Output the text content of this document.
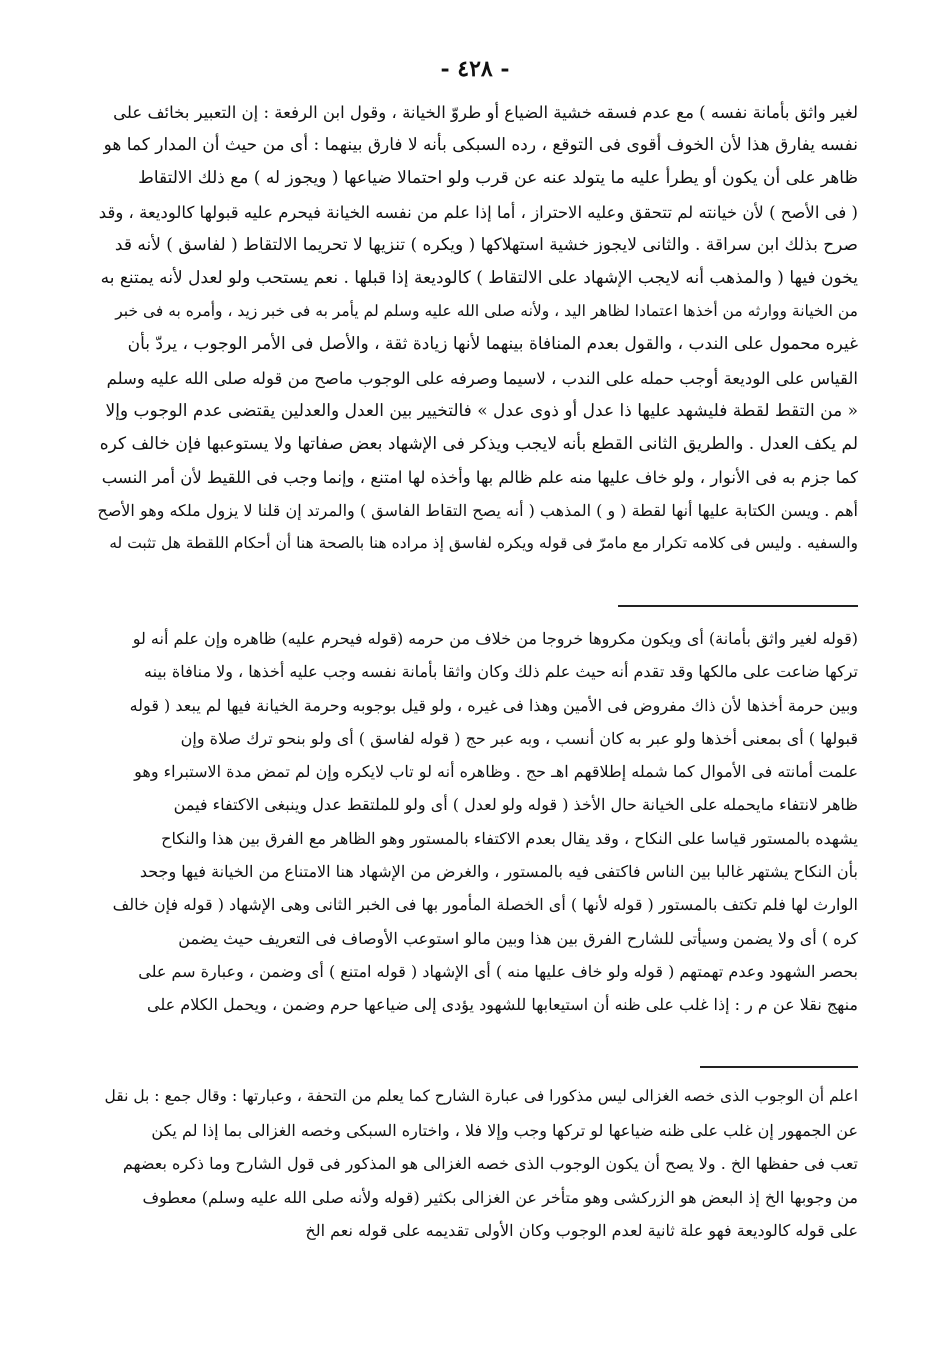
- ٤٢٨ -

لغير واثق بأمانة نفسه ) مع عدم فسقه خشية الضياع أو طروّ الخيانة ، وقول ابن الرفعة : إن التعبير بخائف على

نفسه يفارق هذا لأن الخوف أقوى فى التوقع ، رده السبكى بأنه لا فارق بينهما : أى من حيث أن المدار كما هو

ظاهر على أن يكون أو يطرأ عليه ما يتولد عنه عن قرب ولو احتمالا ضياعها ( ويجوز له ) مع ذلك الالتقاط

( فى الأصح ) لأن خيانته لم تتحقق وعليه الاحتراز ، أما إذا علم من نفسه الخيانة فيحرم عليه قبولها كالوديعة ، وقد

صرح بذلك ابن سراقة . والثانى لايجوز خشية استهلاكها ( ويكره ) تنزيها لا تحريما الالتقاط ( لفاسق ) لأنه قد

يخون فيها ( والمذهب أنه لايجب الإشهاد على الالتقاط ) كالوديعة إذا قبلها . نعم يستحب ولو لعدل لأنه يمتنع به

من الخيانة ووارثه من أخذها اعتمادا لظاهر اليد ، ولأنه صلى الله عليه وسلم لم يأمر به فى خبر زيد ، وأمره به فى خبر

غيره محمول على الندب ، والقول بعدم المنافاة بينهما لأنها زيادة ثقة ، والأصل فى الأمر الوجوب ، يردّ بأن

القياس على الوديعة أوجب حمله على الندب ، لاسيما وصرفه على الوجوب ماصح من قوله صلى الله عليه وسلم

« من التقط لقطة فليشهد عليها ذا عدل أو ذوى عدل » فالتخيير بين العدل والعدلين يقتضى عدم الوجوب وإلا

لم يكف العدل . والطريق الثانى القطع بأنه لايجب ويذكر فى الإشهاد بعض صفاتها ولا يستوعبها فإن خالف كره

كما جزم به فى الأنوار ، ولو خاف عليها منه علم ظالم بها وأخذه لها امتنع ، وإنما وجب فى اللقيط لأن أمر النسب

أهم . ويسن الكتابة عليها أنها لقطة ( و ) المذهب ( أنه يصح التقاط الفاسق ) والمرتد إن قلنا لا يزول ملكه وهو الأصح

والسفيه . وليس فى كلامه تكرار مع مامرّ فى قوله ويكره لفاسق إذ مراده هنا بالصحة هنا أن أحكام اللقطة هل تثبت له

(قوله لغير واثق بأمانة) أى ويكون مكروها خروجا من خلاف من حرمه (قوله فيحرم عليه) ظاهره وإن علم أنه لو

تركها ضاعت على مالكها وقد تقدم أنه حيث علم ذلك وكان واثقا بأمانة نفسه وجب عليه أخذها ، ولا منافاة بينه

وبين حرمة أخذها لأن ذاك مفروض فى الأمين وهذا فى غيره ، ولو قيل بوجوبه وحرمة الخيانة فيها لم يبعد ( قوله

قبولها ) أى بمعنى أخذها ولو عبر به كان أنسب ، وبه عبر حج ( قوله لفاسق ) أى ولو بنحو ترك صلاة وإن

علمت أمانته فى الأموال كما شمله إطلاقهم اهـ حج . وظاهره أنه لو تاب لايكره وإن لم تمض مدة الاستبراء وهو

ظاهر لانتفاء مايحمله على الخيانة حال الأخذ ( قوله ولو لعدل ) أى ولو للملتقط عدل وينبغى الاكتفاء فيمن

يشهده بالمستور قياسا على النكاح ، وقد يقال بعدم الاكتفاء بالمستور وهو الظاهر مع الفرق بين هذا والنكاح

بأن النكاح يشتهر غالبا بين الناس فاكتفى فيه بالمستور ، والغرض من الإشهاد هنا الامتناع من الخيانة فيها وجحد

الوارث لها فلم تكتف بالمستور ( قوله لأنها ) أى الخصلة المأمور بها فى الخبر الثانى وهى الإشهاد ( قوله فإن خالف

كره ) أى ولا يضمن وسيأتى للشارح الفرق بين هذا وبين مالو استوعب الأوصاف فى التعريف حيث يضمن

بحصر الشهود وعدم تهمتهم ( قوله ولو خاف عليها منه ) أى الإشهاد ( قوله امتنع ) أى وضمن ، وعبارة سم على

منهج نقلا عن م ر : إذا غلب على ظنه أن استيعابها للشهود يؤدى إلى ضياعها حرم وضمن ، ويحمل الكلام على

اعلم أن الوجوب الذى خصه الغزالى ليس مذكورا فى عبارة الشارح كما يعلم من التحفة ، وعبارتها : وقال جمع : بل نقل

عن الجمهور إن غلب على ظنه ضياعها لو تركها وجب وإلا فلا ، واختاره السبكى وخصه الغزالى بما إذا لم يكن

تعب فى حفظها الخ . ولا يصح أن يكون الوجوب الذى خصه الغزالى هو المذكور فى قول الشارح وما ذكره بعضهم

من وجوبها الخ إذ البعض هو الزركشى وهو متأخر عن الغزالى بكثير (قوله ولأنه صلى الله عليه وسلم) معطوف

على قوله كالوديعة فهو علة ثانية لعدم الوجوب وكان الأولى تقديمه على قوله نعم الخ
